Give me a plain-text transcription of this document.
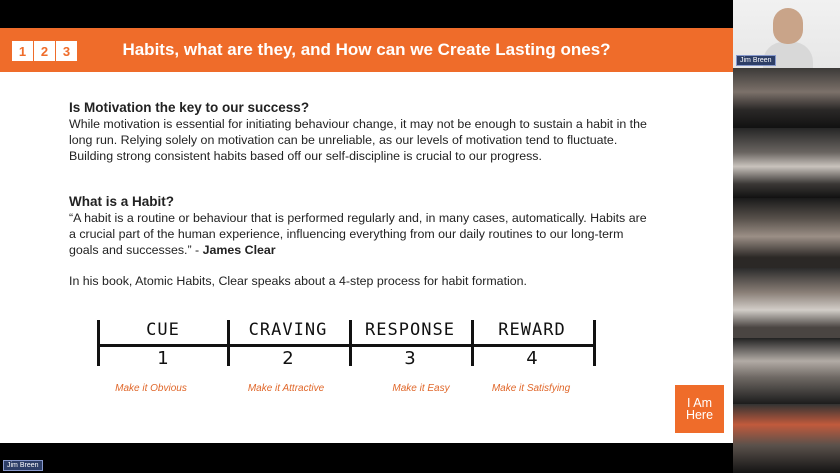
1	2	3	Habits, what are they, and How can we Create Lasting ones?

Is Motivation the key to our success?

While motivation is essential for initiating behaviour change, it may not be enough to sustain a habit in the long run. Relying solely on motivation can be unreliable, as our levels of motivation tend to fluctuate. Building strong consistent habits based off our self-discipline is crucial to our progress.

What is a Habit?

“A habit is a routine or behaviour that is performed regularly and, in many cases, automatically. Habits are a crucial part of the human experience, influencing everything from our daily routines to our long-term goals and successes.” - James Clear

In his book, Atomic Habits, Clear speaks about a 4-step process for habit formation.

CUE	CRAVING	RESPONSE	REWARD
1	2	3	4
Make it Obvious	Make it Attractive	Make it Easy	Make it Satisfying
I Am Here
Jim Breen
Jim Breen
